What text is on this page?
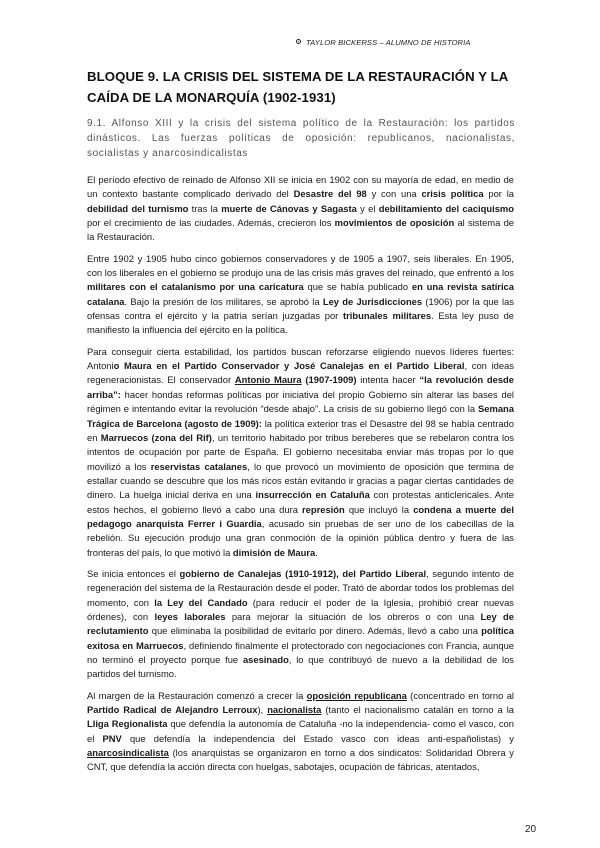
TAYLOR BICKERSS – ALUMNO DE HISTORIA
BLOQUE 9. LA CRISIS DEL SISTEMA DE LA RESTAURACIÓN Y LA CAÍDA DE LA MONARQUÍA (1902-1931)
9.1. Alfonso XIII y la crisis del sistema político de la Restauración: los partidos dinásticos. Las fuerzas políticas de oposición: republicanos, nacionalistas, socialistas y anarcosindicalistas

El período efectivo de reinado de Alfonso XII se inicia en 1902 con su mayoría de edad, en medio de un contexto bastante complicado derivado del Desastre del 98 y con una crisis política por la debilidad del turnismo tras la muerte de Cánovas y Sagasta y el debilitamiento del caciquismo por el crecimiento de las ciudades. Además, crecieron los movimientos de oposición al sistema de la Restauración.

Entre 1902 y 1905 hubo cinco gobiernos conservadores y de 1905 a 1907, seis liberales. En 1905, con los liberales en el gobierno se produjo una de las crisis más graves del reinado, que enfrentó a los militares con el catalanismo por una caricatura que se había publicado en una revista satírica catalana. Bajo la presión de los militares, se aprobó la Ley de Jurisdicciones (1906) por la que las ofensas contra el ejército y la patria serían juzgadas por tribunales militares. Esta ley puso de manifiesto la influencia del ejército en la política.

Para conseguir cierta estabilidad, los partidos buscan reforzarse eligiendo nuevos líderes fuertes: Antonio Maura en el Partido Conservador y José Canalejas en el Partido Liberal, con ideas regeneracionistas. El conservador Antonio Maura (1907-1909) intenta hacer “la revolución desde arriba”: hacer hondas reformas políticas por iniciativa del propio Gobierno sin alterar las bases del régimen e intentando evitar la revolución “desde abajo”. La crisis de su gobierno llegó con la Semana Trágica de Barcelona (agosto de 1909): la política exterior tras el Desastre del 98 se había centrado en Marruecos (zona del Rif), un territorio habitado por tribus bereberes que se rebelaron contra los intentos de ocupación por parte de España. El gobierno necesitaba enviar más tropas por lo que movilizó a los reservistas catalanes, lo que provocó un movimiento de oposición que termina de estallar cuando se descubre que los más ricos están evitando ir gracias a pagar ciertas cantidades de dinero. La huelga inicial deriva en una insurrección en Cataluña con protestas anticlericales. Ante estos hechos, el gobierno llevó a cabo una dura represión que incluyó la condena a muerte del pedagogo anarquista Ferrer i Guardia, acusado sin pruebas de ser uno de los cabecillas de la rebelión. Su ejecución produjo una gran conmoción de la opinión pública dentro y fuera de las fronteras del país, lo que motivó la dimisión de Maura.

Se inicia entonces el gobierno de Canalejas (1910-1912), del Partido Liberal, segundo intento de regeneración del sistema de la Restauración desde el poder. Trató de abordar todos los problemas del momento, con la Ley del Candado (para reducir el poder de la Iglesia, prohibió crear nuevas órdenes), con leyes laborales para mejorar la situación de los obreros o con una Ley de reclutamiento que eliminaba la posibilidad de evitarlo por dinero. Además, llevó a cabo una política exitosa en Marruecos, definiendo finalmente el protectorado con negociaciones con Francia, aunque no terminó el proyecto porque fue asesinado, lo que contribuyó de nuevo a la debilidad de los partidos del turnismo.

Al margen de la Restauración comenzó a crecer la oposición republicana (concentrado en torno al Partido Radical de Alejandro Lerroux), nacionalista (tanto el nacionalismo catalán en torno a la Lliga Regionalista que defendía la autonomía de Cataluña -no la independencia- como el vasco, con el PNV que defendía la independencia del Estado vasco con ideas anti-españolistas) y anarcosindicalista (los anarquistas se organizaron en torno a dos sindicatos: Solidaridad Obrera y CNT, que defendía la acción directa con huelgas, sabotajes, ocupación de fábricas, atentados,

20
